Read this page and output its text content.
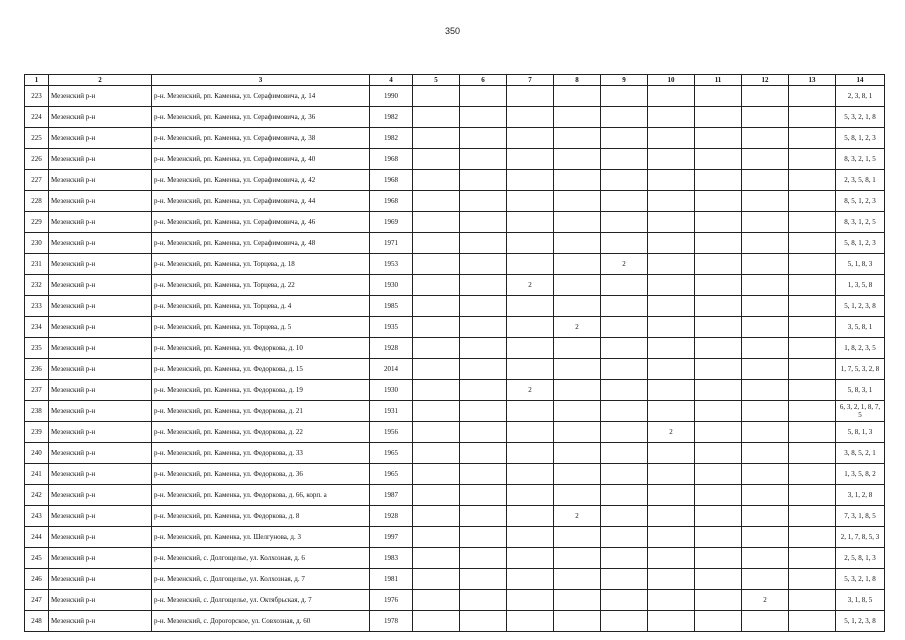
350
1	2	3	4	5	6	7	8	9	10	11	12	13	14
223	Мезенский р-н	р-н. Мезенский, рп. Каменка, ул. Серафимовича, д. 14	1990										2, 3, 8, 1
224	Мезенский р-н	р-н. Мезенский, рп. Каменка, ул. Серафимовича, д. 36	1982										5, 3, 2, 1, 8
225	Мезенский р-н	р-н. Мезенский, рп. Каменка, ул. Серафимовича, д. 38	1982										5, 8, 1, 2, 3
226	Мезенский р-н	р-н. Мезенский, рп. Каменка, ул. Серафимовича, д. 40	1968										8, 3, 2, 1, 5
227	Мезенский р-н	р-н. Мезенский, рп. Каменка, ул. Серафимовича, д. 42	1968										2, 3, 5, 8, 1
228	Мезенский р-н	р-н. Мезенский, рп. Каменка, ул. Серафимовича, д. 44	1968										8, 5, 1, 2, 3
229	Мезенский р-н	р-н. Мезенский, рп. Каменка, ул. Серафимовича, д. 46	1969										8, 3, 1, 2, 5
230	Мезенский р-н	р-н. Мезенский, рп. Каменка, ул. Серафимовича, д. 48	1971										5, 8, 1, 2, 3
231	Мезенский р-н	р-н. Мезенский, рп. Каменка, ул. Торцева, д. 18	1953					2					5, 1, 8, 3
232	Мезенский р-н	р-н. Мезенский, рп. Каменка, ул. Торцева, д. 22	1930			2							1, 3, 5, 8
233	Мезенский р-н	р-н. Мезенский, рп. Каменка, ул. Торцева, д. 4	1985										5, 1, 2, 3, 8
234	Мезенский р-н	р-н. Мезенский, рп. Каменка, ул. Торцева, д. 5	1935				2						3, 5, 8, 1
235	Мезенский р-н	р-н. Мезенский, рп. Каменка, ул. Федоркова, д. 10	1928										1, 8, 2, 3, 5
236	Мезенский р-н	р-н. Мезенский, рп. Каменка, ул. Федоркова, д. 15	2014										1, 7, 5, 3, 2, 8
237	Мезенский р-н	р-н. Мезенский, рп. Каменка, ул. Федоркова, д. 19	1930			2							5, 8, 3, 1
238	Мезенский р-н	р-н. Мезенский, рп. Каменка, ул. Федоркова, д. 21	1931										6, 3, 2, 1, 8, 7, 5
239	Мезенский р-н	р-н. Мезенский, рп. Каменка, ул. Федоркова, д. 22	1956						2				5, 8, 1, 3
240	Мезенский р-н	р-н. Мезенский, рп. Каменка, ул. Федоркова, д. 33	1965										3, 8, 5, 2, 1
241	Мезенский р-н	р-н. Мезенский, рп. Каменка, ул. Федоркова, д. 36	1965										1, 3, 5, 8, 2
242	Мезенский р-н	р-н. Мезенский, рп. Каменка, ул. Федоркова, д. 66, корп. а	1987										3, 1, 2, 8
243	Мезенский р-н	р-н. Мезенский, рп. Каменка, ул. Федоркова, д. 8	1928				2						7, 3, 1, 8, 5
244	Мезенский р-н	р-н. Мезенский, рп. Каменка, ул. Шелгунова, д. 3	1997										2, 1, 7, 8, 5, 3
245	Мезенский р-н	р-н. Мезенский, с. Долгощелье, ул. Колхозная, д. 6	1983										2, 5, 8, 1, 3
246	Мезенский р-н	р-н. Мезенский, с. Долгощелье, ул. Колхозная, д. 7	1981										5, 3, 2, 1, 8
247	Мезенский р-н	р-н. Мезенский, с. Долгощелье, ул. Октябрьская, д. 7	1976								2		3, 1, 8, 5
248	Мезенский р-н	р-н. Мезенский, с. Дорогорское, ул. Совхозная, д. 60	1978										5, 1, 2, 3, 8
